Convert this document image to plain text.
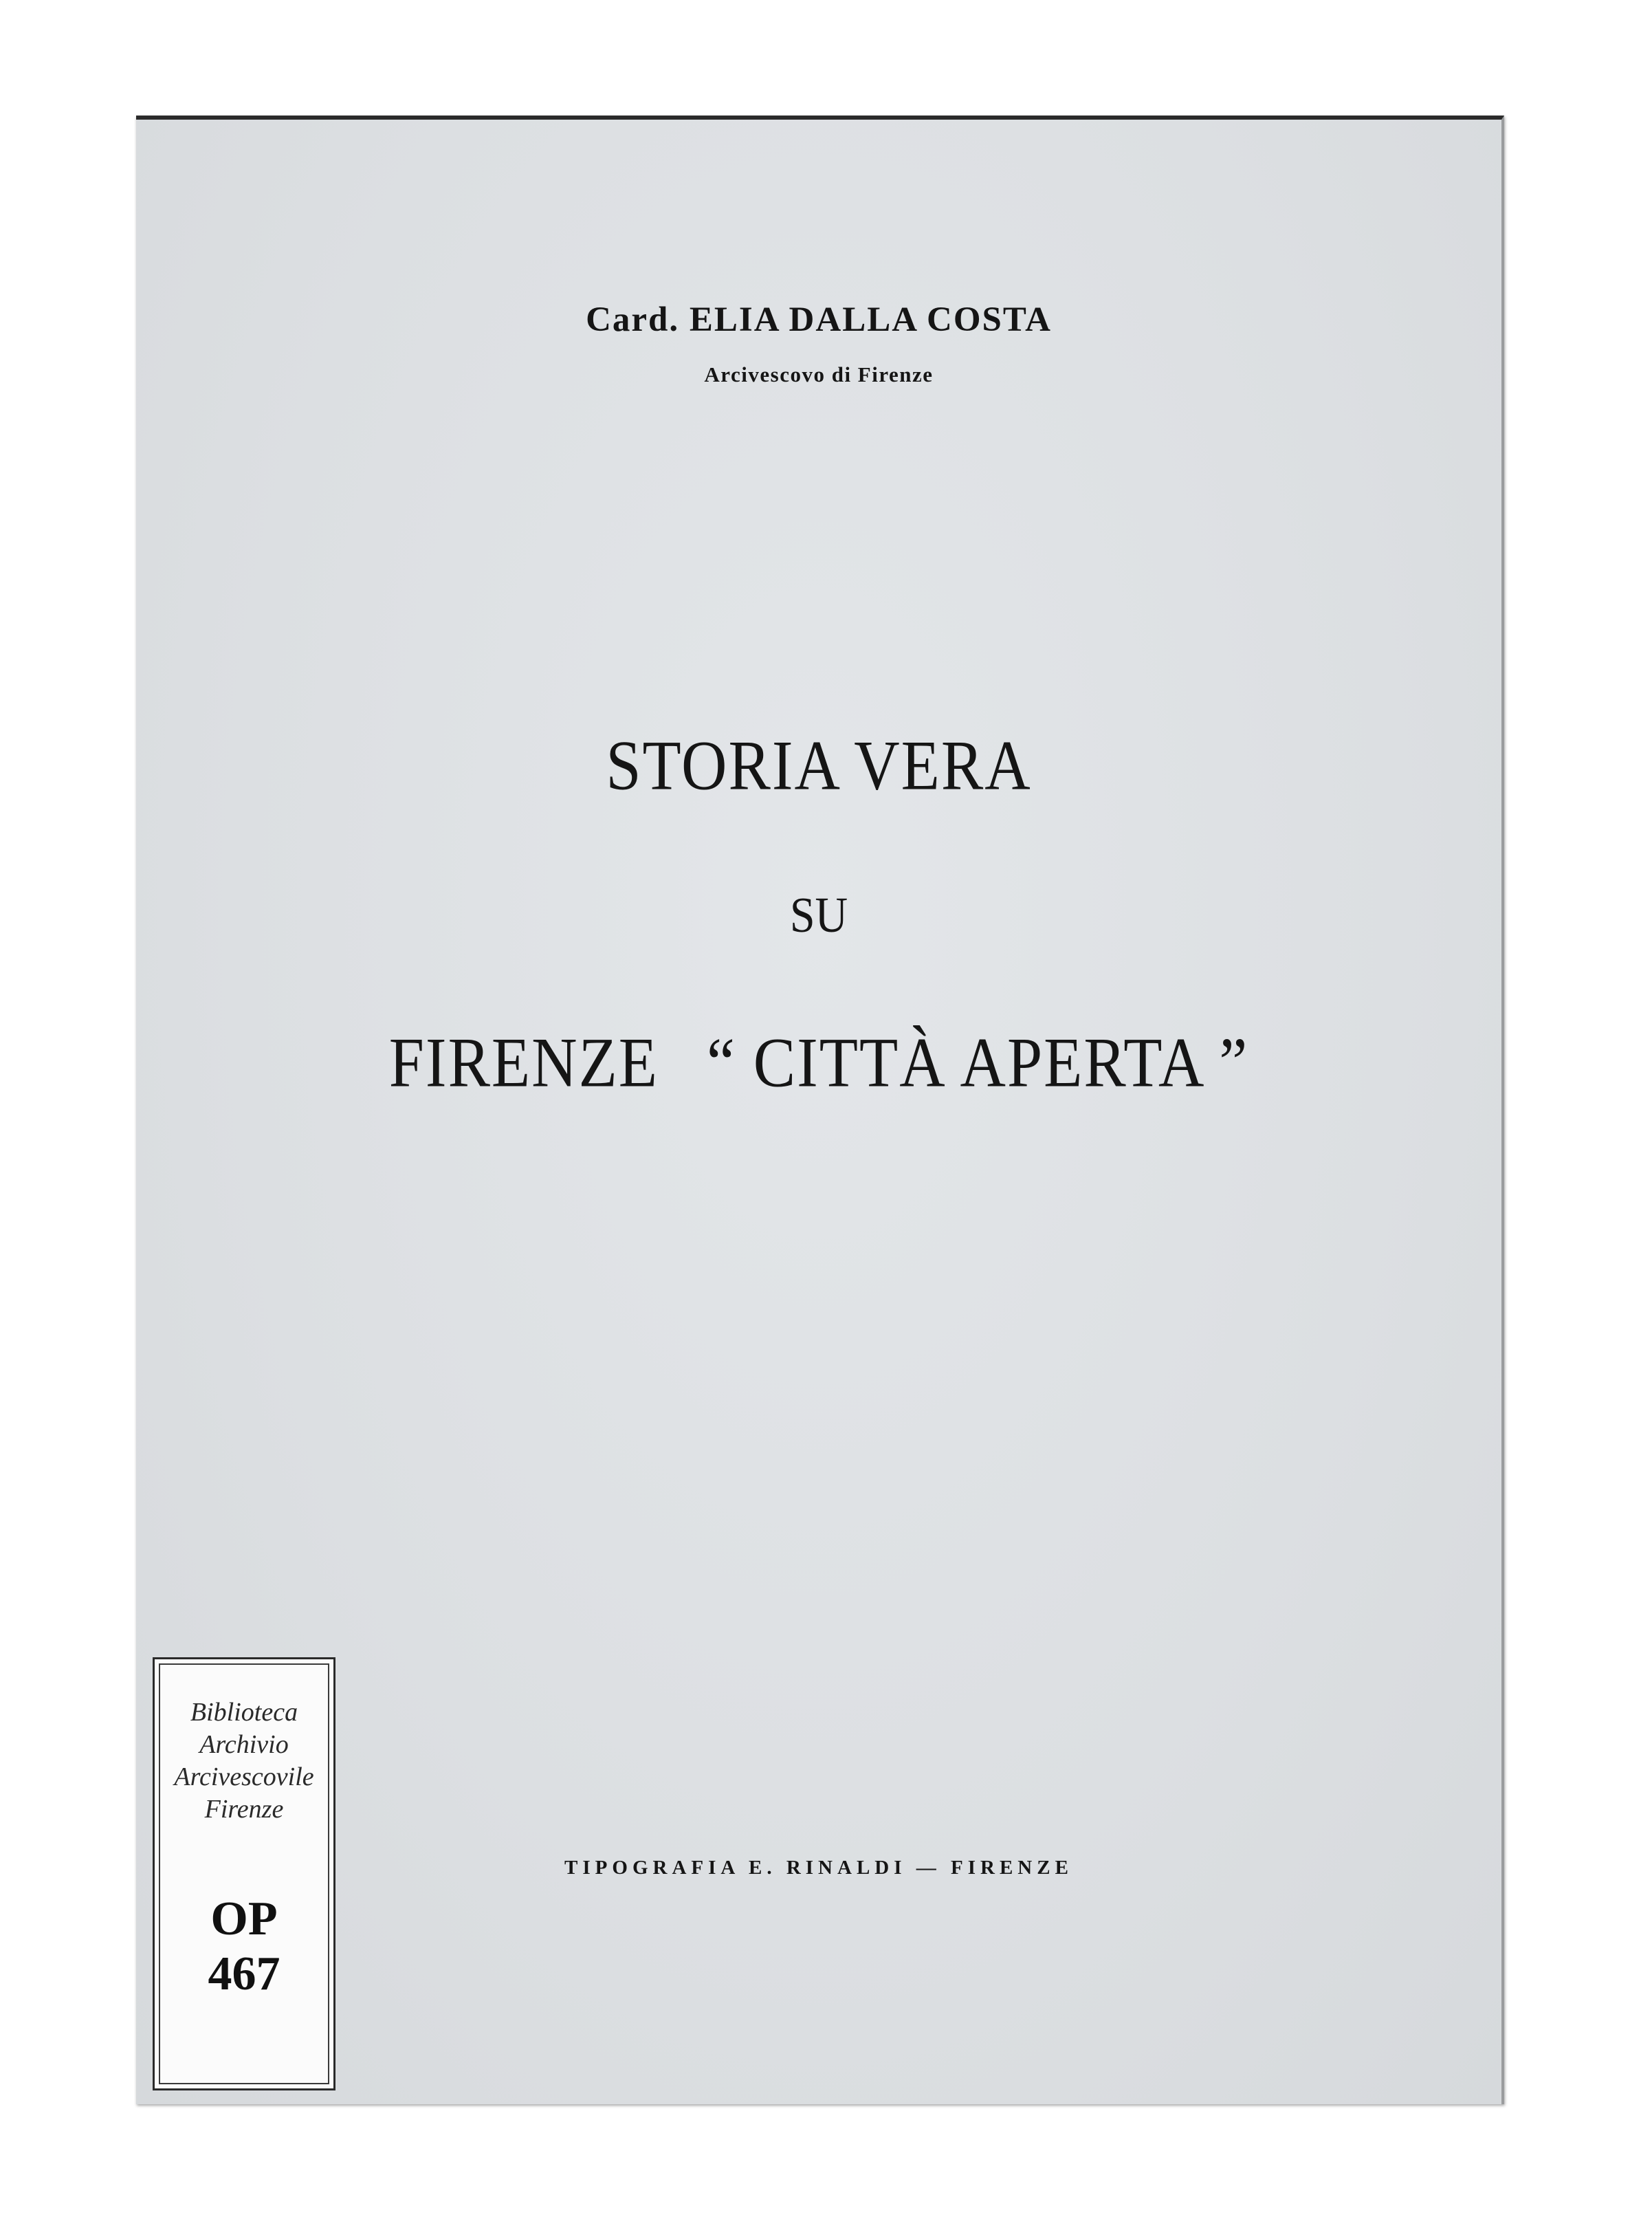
Card. ELIA DALLA COSTA
Arcivescovo di Firenze
STORIA VERA
SU
FIRENZE “ CITTÀ APERTA ”
TIPOGRAFIA E. RINALDI — FIRENZE
Biblioteca
Archivio
Arcivescovile
Firenze
OP
467
